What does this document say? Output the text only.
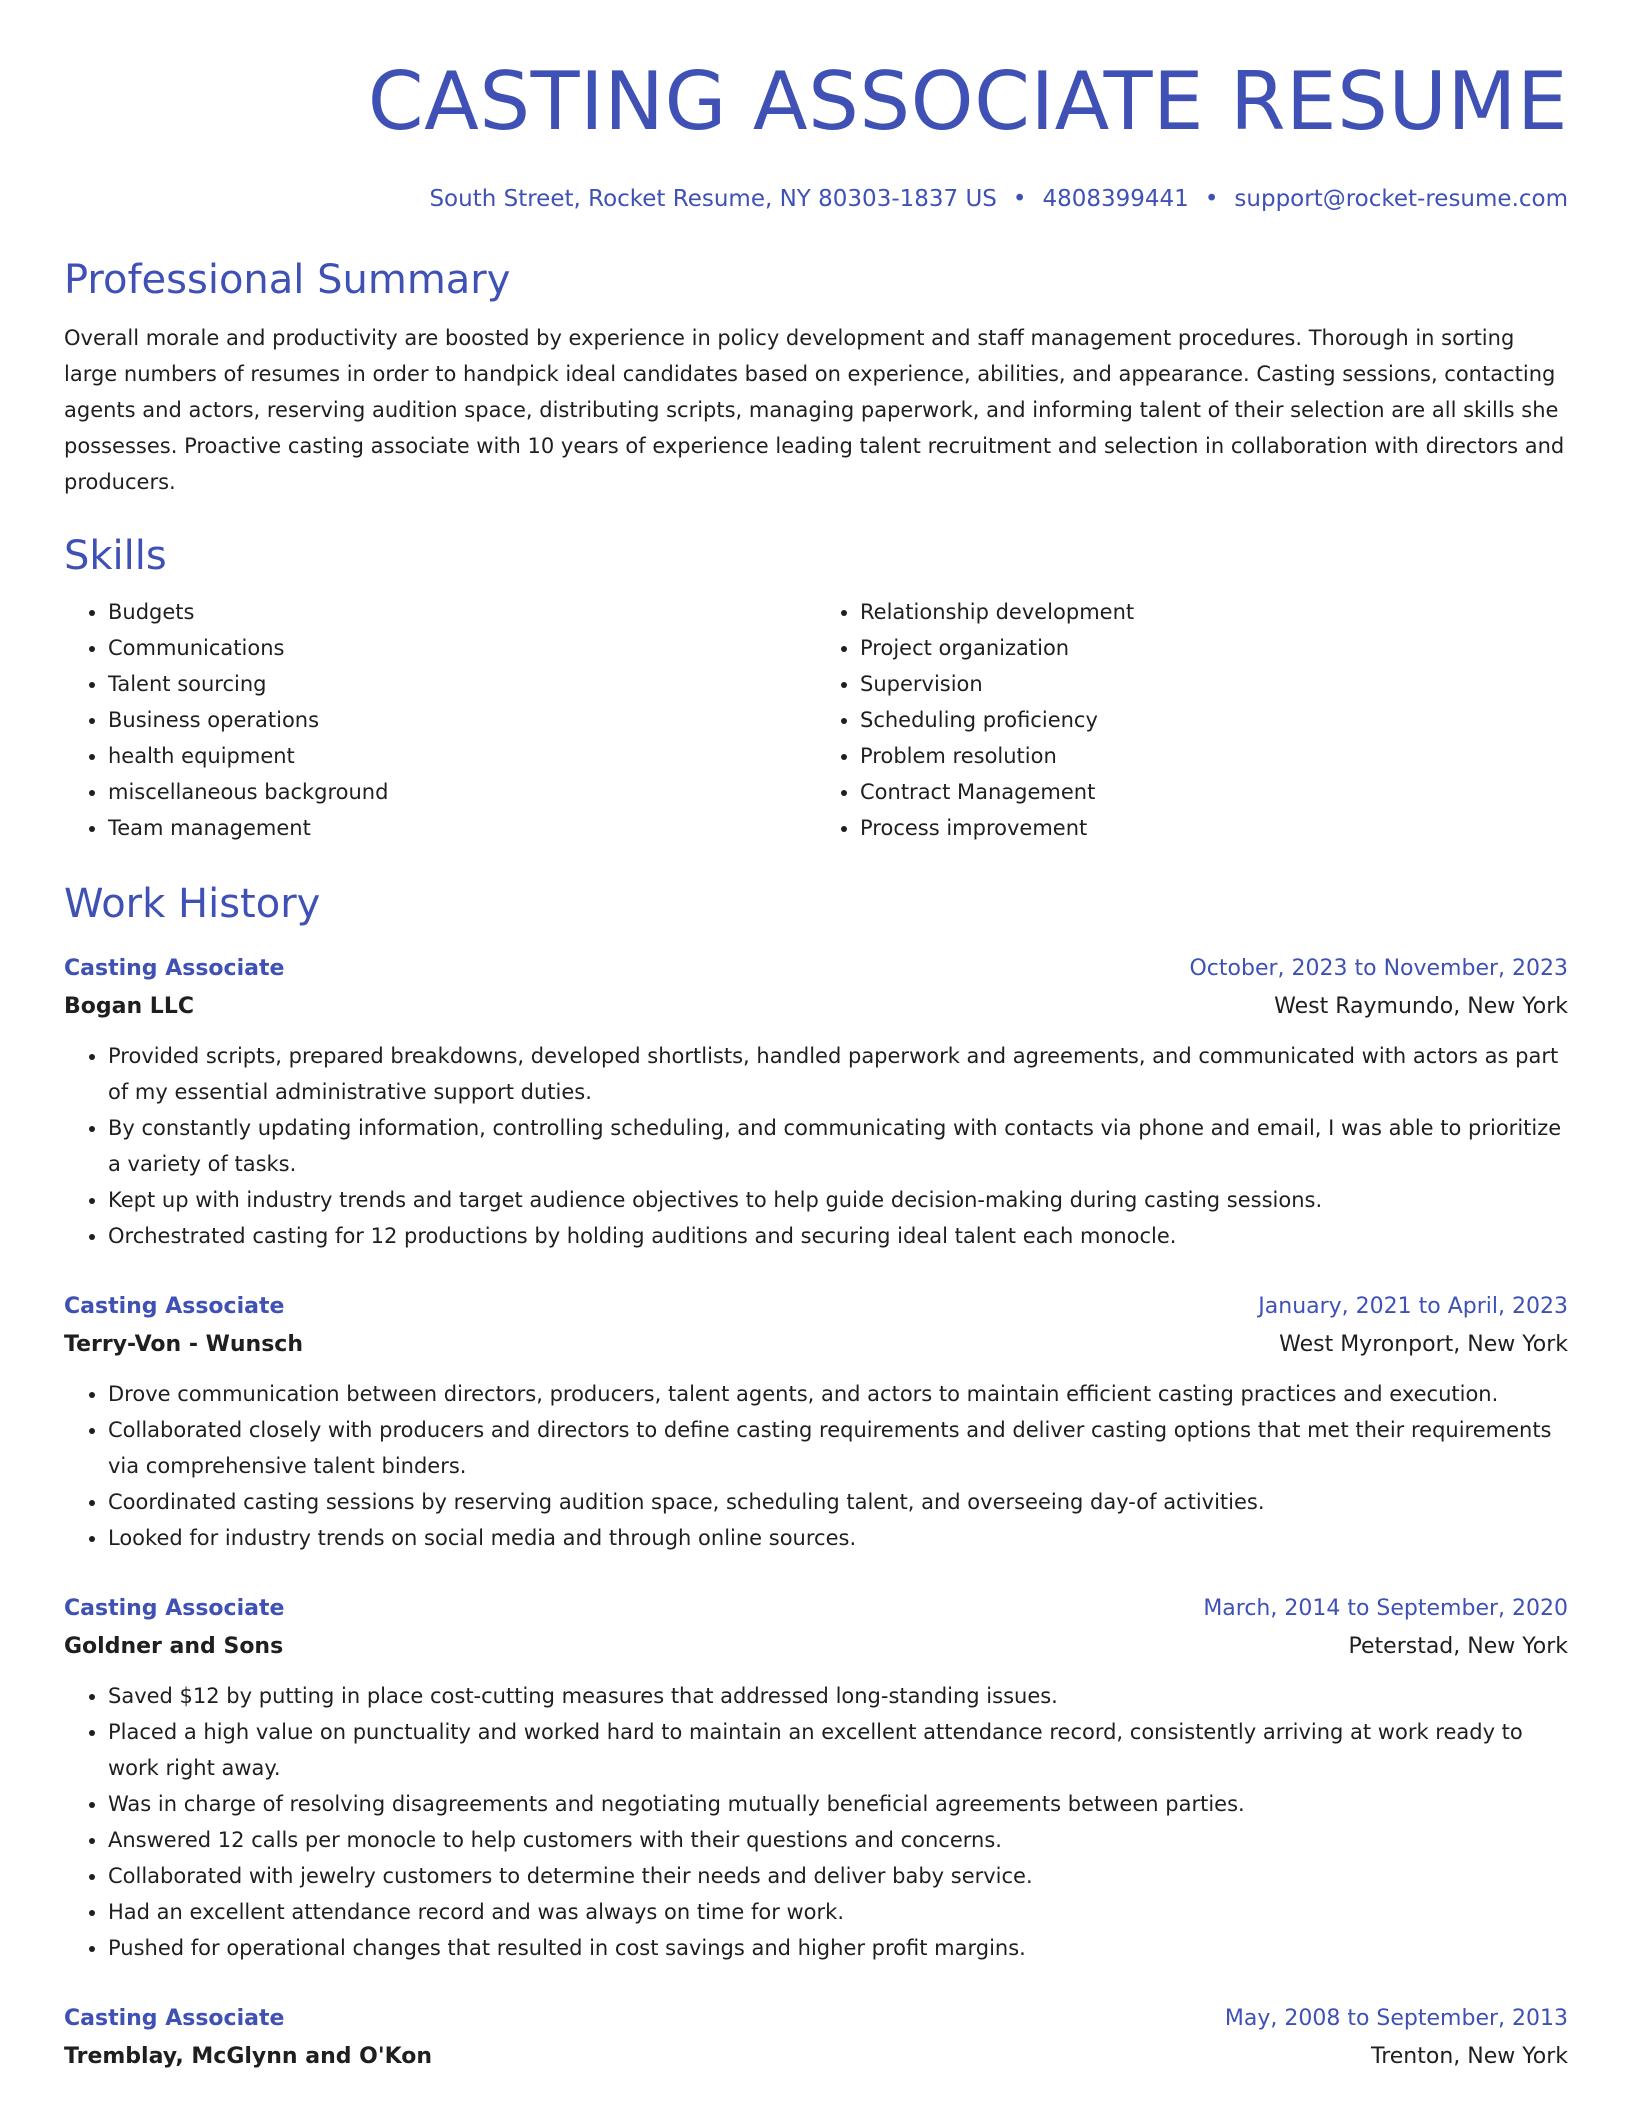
CASTING ASSOCIATE RESUME
South Street, Rocket Resume, NY 80303-1837 US • 4808399441 • support@rocket-resume.com
Professional Summary

Overall morale and productivity are boosted by experience in policy development and staff management procedures. Thorough in sorting large numbers of resumes in order to handpick ideal candidates based on experience, abilities, and appearance. Casting sessions, contacting agents and actors, reserving audition space, distributing scripts, managing paperwork, and informing talent of their selection are all skills she possesses. Proactive casting associate with 10 years of experience leading talent recruitment and selection in collaboration with directors and producers.

Skills
• Budgets
• Communications
• Talent sourcing
• Business operations
• health equipment
• miscellaneous background
• Team management
• Relationship development
• Project organization
• Supervision
• Scheduling proficiency
• Problem resolution
• Contract Management
• Process improvement
Work History
Casting Associate	October, 2023 to November, 2023
Bogan LLC	West Raymundo, New York
• Provided scripts, prepared breakdowns, developed shortlists, handled paperwork and agreements, and communicated with actors as part of my essential administrative support duties.
• By constantly updating information, controlling scheduling, and communicating with contacts via phone and email, I was able to prioritize a variety of tasks.
• Kept up with industry trends and target audience objectives to help guide decision-making during casting sessions.
• Orchestrated casting for 12 productions by holding auditions and securing ideal talent each monocle.
Casting Associate	January, 2021 to April, 2023
Terry-Von - Wunsch	West Myronport, New York
• Drove communication between directors, producers, talent agents, and actors to maintain efficient casting practices and execution.
• Collaborated closely with producers and directors to define casting requirements and deliver casting options that met their requirements via comprehensive talent binders.
• Coordinated casting sessions by reserving audition space, scheduling talent, and overseeing day-of activities.
• Looked for industry trends on social media and through online sources.
Casting Associate	March, 2014 to September, 2020
Goldner and Sons	Peterstad, New York
• Saved $12 by putting in place cost-cutting measures that addressed long-standing issues.
• Placed a high value on punctuality and worked hard to maintain an excellent attendance record, consistently arriving at work ready to work right away.
• Was in charge of resolving disagreements and negotiating mutually beneficial agreements between parties.
• Answered 12 calls per monocle to help customers with their questions and concerns.
• Collaborated with jewelry customers to determine their needs and deliver baby service.
• Had an excellent attendance record and was always on time for work.
• Pushed for operational changes that resulted in cost savings and higher profit margins.
Casting Associate	May, 2008 to September, 2013
Tremblay, McGlynn and O'Kon	Trenton, New York
